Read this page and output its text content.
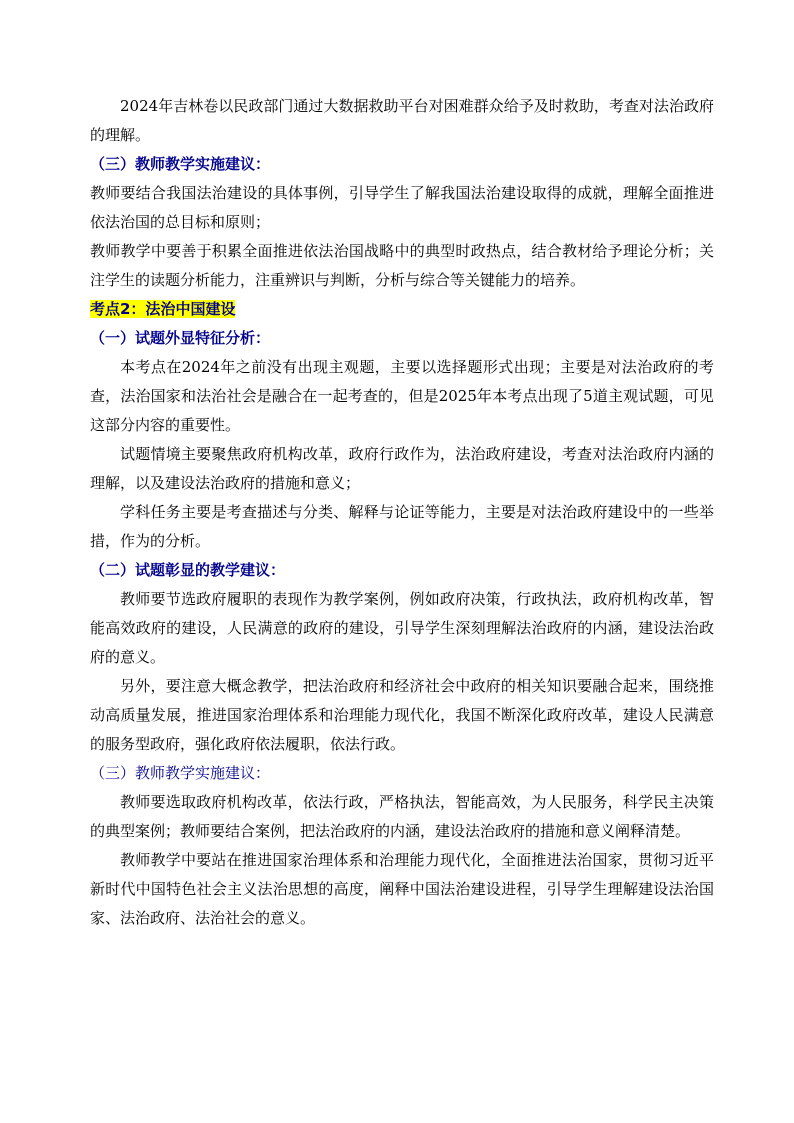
2024年吉林卷以民政部门通过大数据救助平台对困难群众给予及时救助，考查对法治政府的理解。

（三）教师教学实施建议：

教师要结合我国法治建设的具体事例，引导学生了解我国法治建设取得的成就，理解全面推进依法治国的总目标和原则；

教师教学中要善于积累全面推进依法治国战略中的典型时政热点，结合教材给予理论分析；关注学生的读题分析能力，注重辨识与判断，分析与综合等关键能力的培养。

考点2：法治中国建设

（一）试题外显特征分析：

本考点在2024年之前没有出现主观题，主要以选择题形式出现；主要是对法治政府的考查，法治国家和法治社会是融合在一起考查的，但是2025年本考点出现了5道主观试题，可见这部分内容的重要性。

试题情境主要聚焦政府机构改革，政府行政作为，法治政府建设，考查对法治政府内涵的理解，以及建设法治政府的措施和意义；

学科任务主要是考查描述与分类、解释与论证等能力，主要是对法治政府建设中的一些举措，作为的分析。

（二）试题彰显的教学建议：

教师要节选政府履职的表现作为教学案例，例如政府决策，行政执法，政府机构改革，智能高效政府的建设，人民满意的政府的建设，引导学生深刻理解法治政府的内涵，建设法治政府的意义。

另外，要注意大概念教学，把法治政府和经济社会中政府的相关知识要融合起来，围绕推动高质量发展，推进国家治理体系和治理能力现代化，我国不断深化政府改革，建设人民满意的服务型政府，强化政府依法履职，依法行政。

（三）教师教学实施建议：

教师要选取政府机构改革，依法行政，严格执法，智能高效，为人民服务，科学民主决策的典型案例；教师要结合案例，把法治政府的内涵，建设法治政府的措施和意义阐释清楚。

教师教学中要站在推进国家治理体系和治理能力现代化，全面推进法治国家，贯彻习近平新时代中国特色社会主义法治思想的高度，阐释中国法治建设进程，引导学生理解建设法治国家、法治政府、法治社会的意义。
